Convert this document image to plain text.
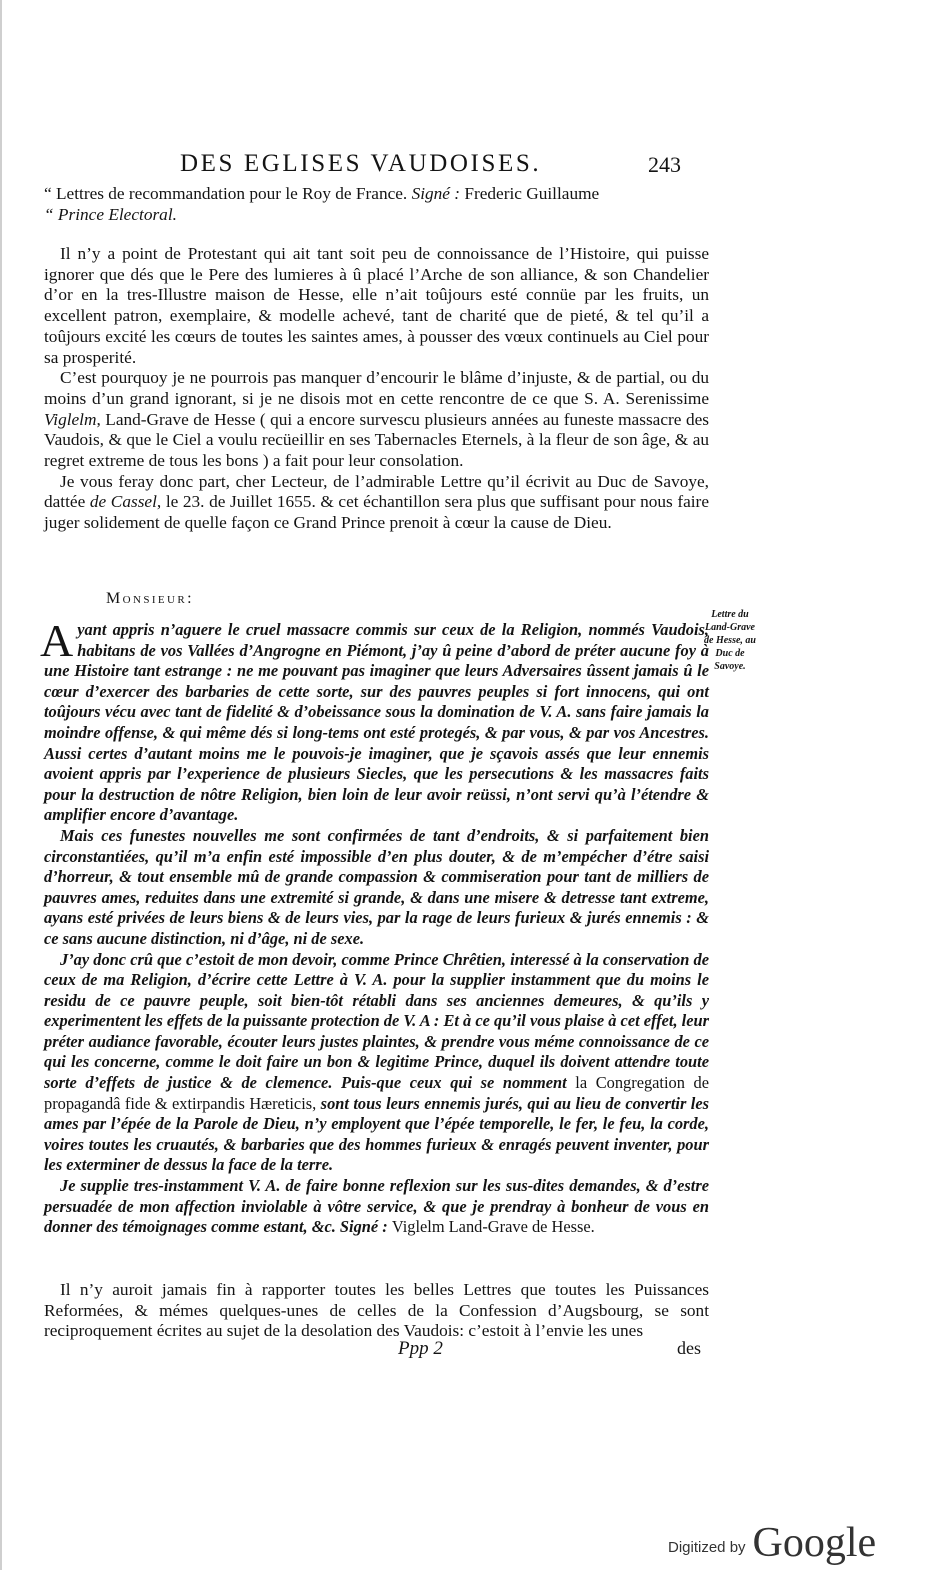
DES EGLISES VAUDOISES.	243

“ Lettres de recommandation pour le Roy de France. Signé : Frederic Guillaume

“ Prince Electoral.

Il n’y a point de Protestant qui ait tant soit peu de connoissance de l’Histoire, qui puisse ignorer que dés que le Pere des lumieres à û placé l’Arche de son alliance, & son Chandelier d’or en la tres-Illustre maison de Hesse, elle n’ait toûjours esté connüe par les fruits, un excellent patron, exemplaire, & modelle achevé, tant de charité que de pieté, & tel qu’il a toûjours excité les cœurs de toutes les saintes ames, à pousser des vœux continuels au Ciel pour sa prosperité.

C’est pourquoy je ne pourrois pas manquer d’encourir le blâme d’injuste, & de partial, ou du moins d’un grand ignorant, si je ne disois mot en cette rencontre de ce que S. A. Serenissime Viglelm, Land-Grave de Hesse ( qui a encore survescu plusieurs années au funeste massacre des Vaudois, & que le Ciel a voulu recüeillir en ses Tabernacles Eternels, à la fleur de son âge, & au regret extreme de tous les bons ) a fait pour leur consolation.

Je vous feray donc part, cher Lecteur, de l’admirable Lettre qu’il écrivit au Duc de Savoye, dattée de Cassel, le 23. de Juillet 1655. & cet échantillon sera plus que suffisant pour nous faire juger solidement de quelle façon ce Grand Prince prenoit à cœur la cause de Dieu.

Monsieur:
Lettre du Land-Grave de Hesse, au Duc de Savoye.

Ayant appris n’aguere le cruel massacre commis sur ceux de la Religion, nommés Vaudois, habitans de vos Vallées d’Angrogne en Piémont, j’ay û peine d’abord de préter aucune foy à une Histoire tant estrange : ne me pouvant pas imaginer que leurs Adversaires ûssent jamais û le cœur d’exercer des barbaries de cette sorte, sur des pauvres peuples si fort innocens, qui ont toûjours vécu avec tant de fidelité & d’obeissance sous la domination de V. A. sans faire jamais la moindre offense, & qui même dés si long-tems ont esté protegés, & par vous, & par vos Ancestres. Aussi certes d’autant moins me le pouvois-je imaginer, que je sçavois assés que leur ennemis avoient appris par l’experience de plusieurs Siecles, que les persecutions & les massacres faits pour la destruction de nôtre Religion, bien loin de leur avoir reüssi, n’ont servi qu’à l’étendre & amplifier encore d’avantage.

Mais ces funestes nouvelles me sont confirmées de tant d’endroits, & si parfaitement bien circonstantiées, qu’il m’a enfin esté impossible d’en plus douter, & de m’empécher d’étre saisi d’horreur, & tout ensemble mû de grande compassion & commiseration pour tant de milliers de pauvres ames, reduites dans une extremité si grande, & dans une misere & detresse tant extreme, ayans esté privées de leurs biens & de leurs vies, par la rage de leurs furieux & jurés ennemis : & ce sans aucune distinction, ni d’âge, ni de sexe.

J’ay donc crû que c’estoit de mon devoir, comme Prince Chrêtien, interessé à la conservation de ceux de ma Religion, d’écrire cette Lettre à V. A. pour la supplier instamment que du moins le residu de ce pauvre peuple, soit bien-tôt rétabli dans ses anciennes demeures, & qu’ils y experimentent les effets de la puissante protection de V. A : Et à ce qu’il vous plaise à cet effet, leur préter audiance favorable, écouter leurs justes plaintes, & prendre vous méme connoissance de ce qui les concerne, comme le doit faire un bon & legitime Prince, duquel ils doivent attendre toute sorte d’effets de justice & de clemence. Puis-que ceux qui se nomment la Congregation de propagandâ fide & extirpandis Hæreticis, sont tous leurs ennemis jurés, qui au lieu de convertir les ames par l’épée de la Parole de Dieu, n’y employent que l’épée temporelle, le fer, le feu, la corde, voires toutes les cruautés, & barbaries que des hommes furieux & enragés peuvent inventer, pour les exterminer de dessus la face de la terre.

Je supplie tres-instamment V. A. de faire bonne reflexion sur les sus-dites demandes, & d’estre persuadée de mon affection inviolable à vôtre service, & que je prendray à bonheur de vous en donner des témoignages comme estant, &c. Signé : Viglelm Land-Grave de Hesse.

Il n’y auroit jamais fin à rapporter toutes les belles Lettres que toutes les Puissances Reformées, & mémes quelques-unes de celles de la Confession d’Augsbourg, se sont reciproquement écrites au sujet de la desolation des Vaudois: c’estoit à l’envie les unes

Ppp 2	des
Digitized by Google
